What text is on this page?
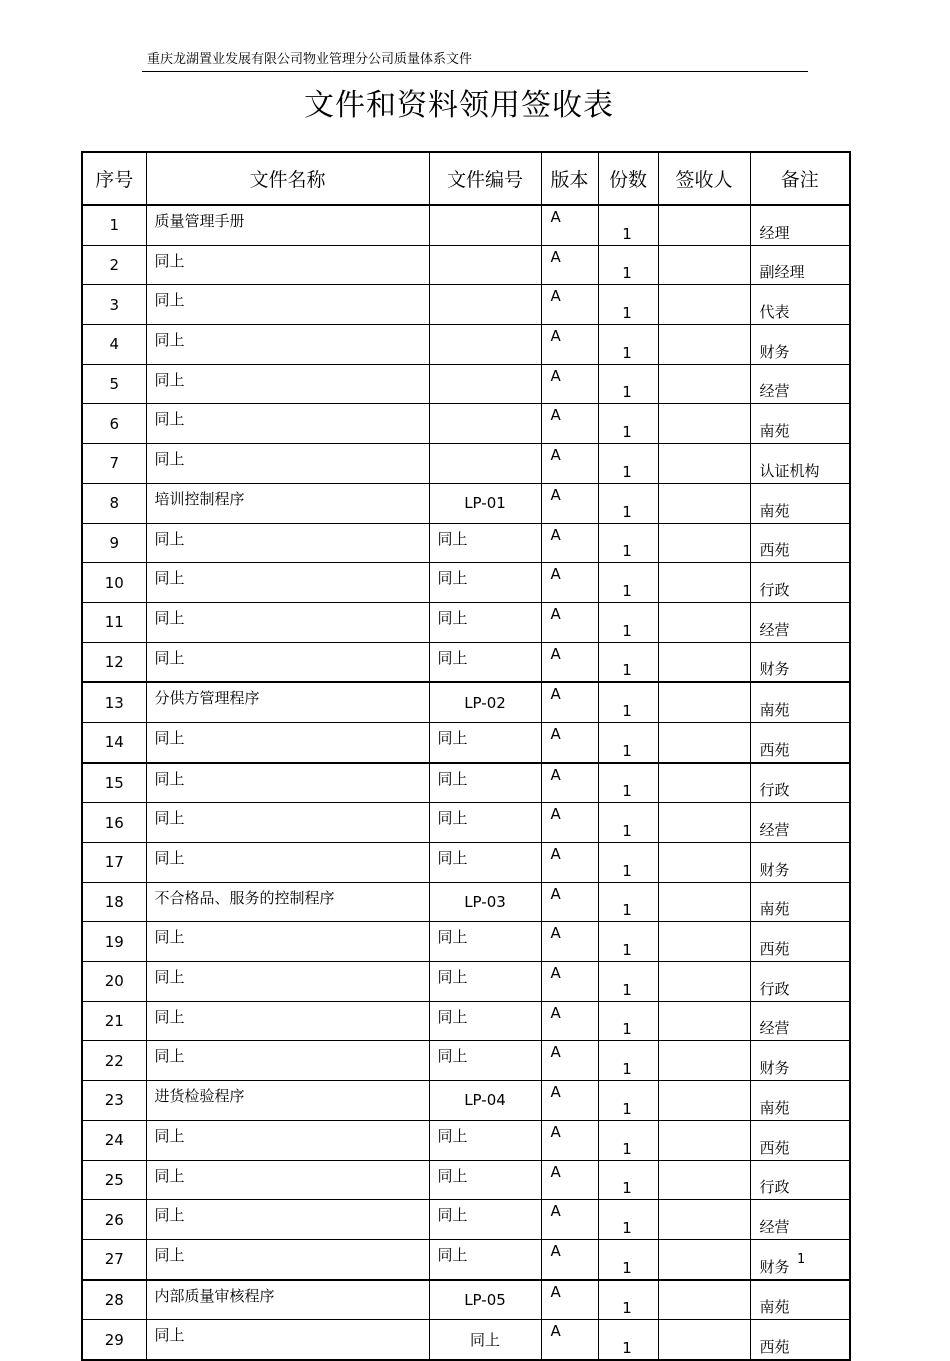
重庆龙湖置业发展有限公司物业管理分公司质量体系文件
文件和资料领用签收表
序号	文件名称	文件编号	版本	份数	签收人	备注
1	质量管理手册		A	1		经理
2	同上		A	1		副经理
3	同上		A	1		代表
4	同上		A	1		财务
5	同上		A	1		经营
6	同上		A	1		南苑
7	同上		A	1		认证机构
8	培训控制程序	LP-01	A	1		南苑
9	同上	同上	A	1		西苑
10	同上	同上	A	1		行政
11	同上	同上	A	1		经营
12	同上	同上	A	1		财务
13	分供方管理程序	LP-02	A	1		南苑
14	同上	同上	A	1		西苑
15	同上	同上	A	1		行政
16	同上	同上	A	1		经营
17	同上	同上	A	1		财务
18	不合格品、服务的控制程序	LP-03	A	1		南苑
19	同上	同上	A	1		西苑
20	同上	同上	A	1		行政
21	同上	同上	A	1		经营
22	同上	同上	A	1		财务
23	进货检验程序	LP-04	A	1		南苑
24	同上	同上	A	1		西苑
25	同上	同上	A	1		行政
26	同上	同上	A	1		经营
27	同上	同上	A	1		财务
28	内部质量审核程序	LP-05	A	1		南苑
29	同上	同上	A	1		西苑
1
